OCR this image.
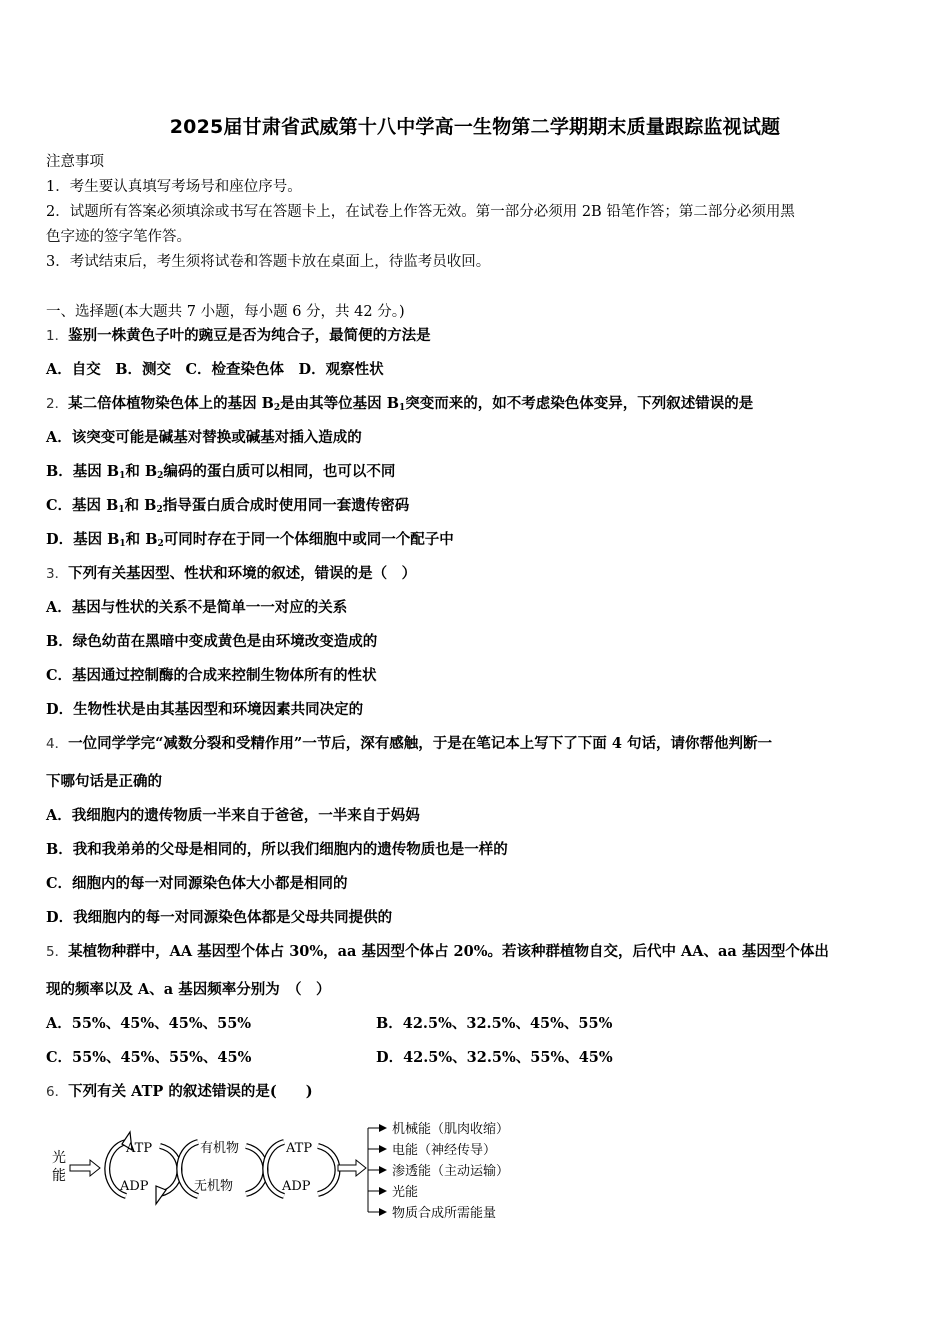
2025届甘肃省武威第十八中学高一生物第二学期期末质量跟踪监视试题
注意事项
1．考生要认真填写考场号和座位序号。
2．试题所有答案必须填涂或书写在答题卡上，在试卷上作答无效。第一部分必须用 2B 铅笔作答；第二部分必须用黑
色字迹的签字笔作答。
3．考试结束后，考生须将试卷和答题卡放在桌面上，待监考员收回。
一、选择题(本大题共 7 小题，每小题 6 分，共 42 分。)
1．鉴别一株黄色子叶的豌豆是否为纯合子，最简便的方法是
A．自交　B．测交　C．检查染色体　D．观察性状
2．某二倍体植物染色体上的基因 $B_2$是由其等位基因 $B_1$突变而来的，如不考虑染色体变异，下列叙述错误的是
A．该突变可能是碱基对替换或碱基对插入造成的
B．基因 $B_1$和 $B_2$编码的蛋白质可以相同，也可以不同
C．基因 $B_1$和 $B_2$指导蛋白质合成时使用同一套遗传密码
D．基因 $B_1$和 $B_2$可同时存在于同一个体细胞中或同一个配子中
3．下列有关基因型、性状和环境的叙述，错误的是（　）
A．基因与性状的关系不是简单一一对应的关系
B．绿色幼苗在黑暗中变成黄色是由环境改变造成的
C．基因通过控制酶的合成来控制生物体所有的性状
D．生物性状是由其基因型和环境因素共同决定的
4．一位同学学完“减数分裂和受精作用”一节后，深有感触，于是在笔记本上写下了下面 4 句话，请你帮他判断一
下哪句话是正确的
A．我细胞内的遗传物质一半来自于爸爸，一半来自于妈妈
B．我和我弟弟的父母是相同的，所以我们细胞内的遗传物质也是一样的
C．细胞内的每一对同源染色体大小都是相同的
D．我细胞内的每一对同源染色体都是父母共同提供的
5．某植物种群中，AA 基因型个体占 30%，aa 基因型个体占 20%。若该种群植物自交，后代中 AA、aa 基因型个体出
现的频率以及 A、a 基因频率分别为　（　）
A．55%、45%、45%、55%	B．42.5%、32.5%、45%、55%
C．55%、45%、55%、45%	D．42.5%、32.5%、55%、45%
6．下列有关 ATP 的叙述错误的是(　　)
光
能
ATP
ADP
有机物
无机物
ATP
ADP
机械能（肌肉收缩）
电能（神经传导）
渗透能（主动运输）
光能
物质合成所需能量
